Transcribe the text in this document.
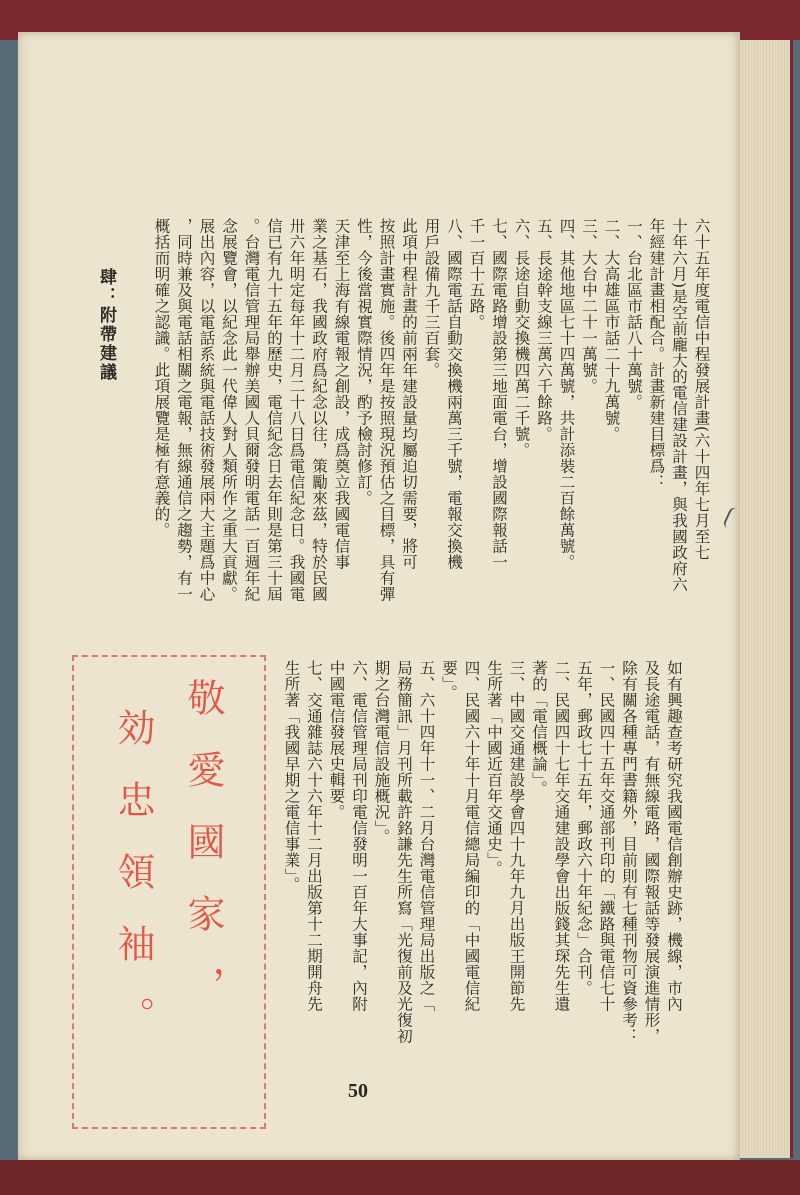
六十五年度電信中程發展計畫(六十四年七月至七
十年六月)是空前龐大的電信建設計畫，與我國政府六
年經建計畫相配合。計畫新建目標爲：
一、台北區市話八十萬號。
二、大高雄區市話二十九萬號。
三、大台中二十一萬號。
四、其他地區七十四萬號，共計添裝二百餘萬號。
五、長途幹支線三萬六千餘路。
六、長途自動交換機四萬二千號。
七、國際電路增設第三地面電台，增設國際報話一
千一百十五路。
八、國際電話自動交換機兩萬三千號，電報交換機
用戶設備九千三百套。
此項中程計畫的前兩年建設量均屬迫切需要，將可
按照計畫實施。後四年是按照現況預估之目標，具有彈
性，今後當視實際情況，酌予檢討修訂。
天津至上海有線電報之創設，成爲奠立我國電信事
業之基石，我國政府爲紀念以往，策勵來茲，特於民國
卅六年明定每年十二月二十八日爲電信紀念日。我國電
信已有九十五年的歷史，電信紀念日去年則是第三十屆
。台灣電信管理局舉辦美國人貝爾發明電話一百週年紀
念展覽會，以紀念此一代偉人對人類所作之重大貢獻。
展出內容，以電話系統與電話技術發展兩大主題爲中心
，同時兼及與電話相關之電報，無線通信之趨勢，有一
概括而明確之認識。此項展覽是極有意義的。
肆：附帶建議
如有興趣查考研究我國電信創辦史跡，機線，市內
及長途電話，有無線電路，國際報話等發展演進情形，
除有關各種專門書籍外，目前則有七種刊物可資參考：
一、民國四十五年交通部刊印的「鐵路與電信七十
五年，郵政七十五年，郵政六十年紀念」合刊。
二、民國四十七年交通建設學會出版錢其琛先生遺
著的「電信概論」。
三、中國交通建設學會四十九年九月出版王開節先
生所著「中國近百年交通史」。
四、民國六十年十月電信總局編印的「中國電信紀
要」。
五、六十四年十一、二月台灣電信管理局出版之「
局務簡訊」月刊所載許銘謙先生所寫「光復前及光復初
期之台灣電信設施概況」。
六、電信管理局刊印電信發明一百年大事記，內附
中國電信發展史輯要。
七、交通雜誌六十六年十二月出版第十二期開舟先
生所著「我國早期之電信事業」。
敬愛國家，
効忠領袖。
50
